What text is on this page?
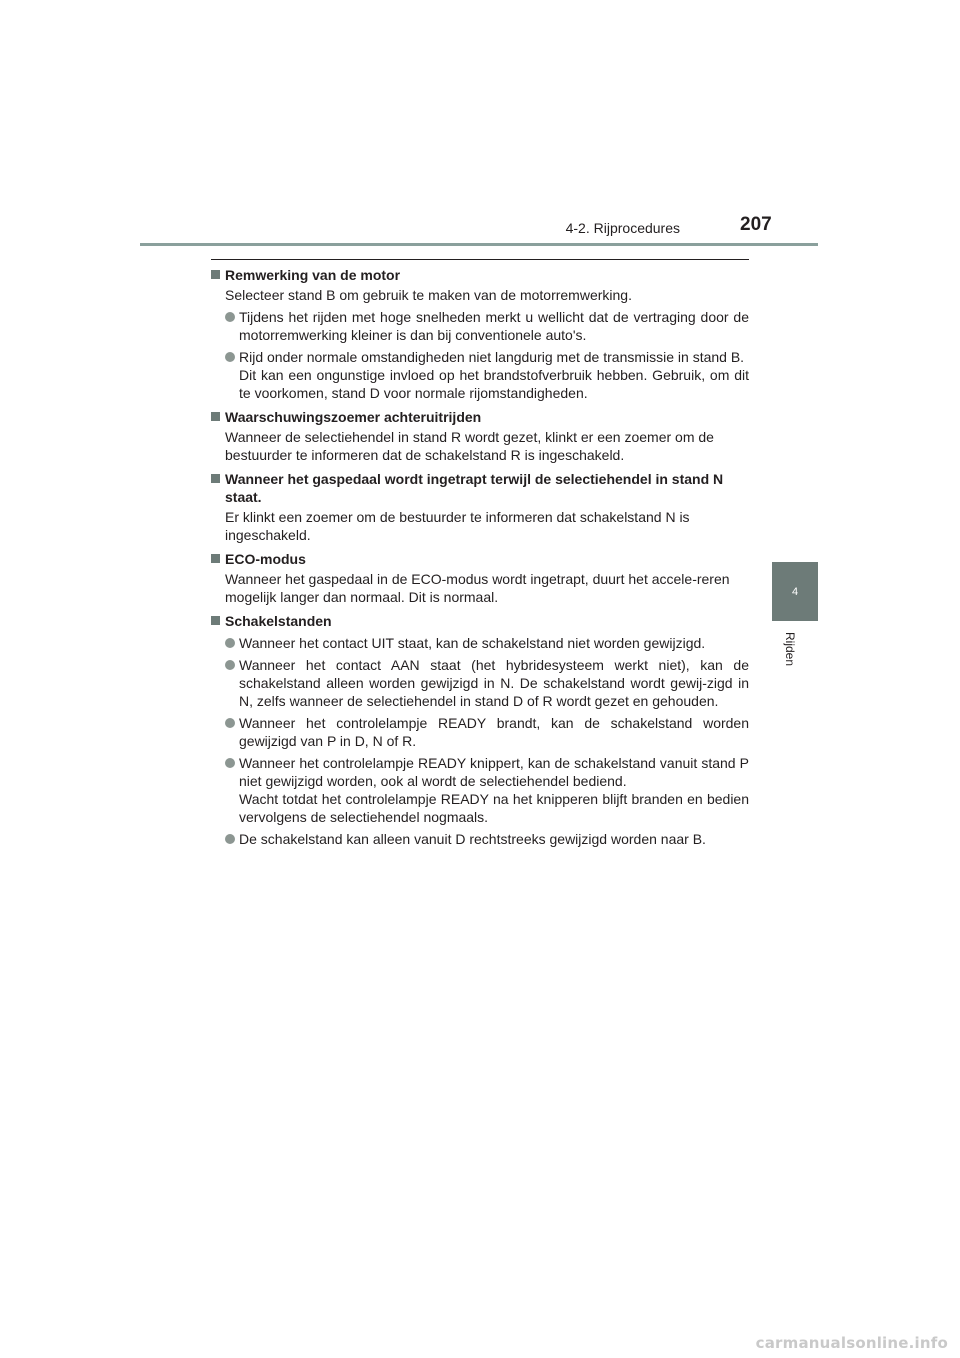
4-2. Rijprocedures	207
4
Rijden
Remwerking van de motor
Selecteer stand B om gebruik te maken van de motorremwerking.
Tijdens het rijden met hoge snelheden merkt u wellicht dat de vertraging door de motorremwerking kleiner is dan bij conventionele auto's.
Rijd onder normale omstandigheden niet langdurig met de transmissie in stand B.
Dit kan een ongunstige invloed op het brandstofverbruik hebben. Gebruik, om dit te voorkomen, stand D voor normale rijomstandigheden.
Waarschuwingszoemer achteruitrijden
Wanneer de selectiehendel in stand R wordt gezet, klinkt er een zoemer om de bestuurder te informeren dat de schakelstand R is ingeschakeld.
Wanneer het gaspedaal wordt ingetrapt terwijl de selectiehendel in stand N staat.
Er klinkt een zoemer om de bestuurder te informeren dat schakelstand N is ingeschakeld.
ECO-modus
Wanneer het gaspedaal in de ECO-modus wordt ingetrapt, duurt het accele-reren mogelijk langer dan normaal. Dit is normaal.
Schakelstanden
Wanneer het contact UIT staat, kan de schakelstand niet worden gewijzigd.
Wanneer het contact AAN staat (het hybridesysteem werkt niet), kan de schakelstand alleen worden gewijzigd in N. De schakelstand wordt gewij-zigd in N, zelfs wanneer de selectiehendel in stand D of R wordt gezet en gehouden.
Wanneer het controlelampje READY brandt, kan de schakelstand worden gewijzigd van P in D, N of R.
Wanneer het controlelampje READY knippert, kan de schakelstand vanuit stand P niet gewijzigd worden, ook al wordt de selectiehendel bediend.
Wacht totdat het controlelampje READY na het knipperen blijft branden en bedien vervolgens de selectiehendel nogmaals.
De schakelstand kan alleen vanuit D rechtstreeks gewijzigd worden naar B.
carmanualsonline.info
